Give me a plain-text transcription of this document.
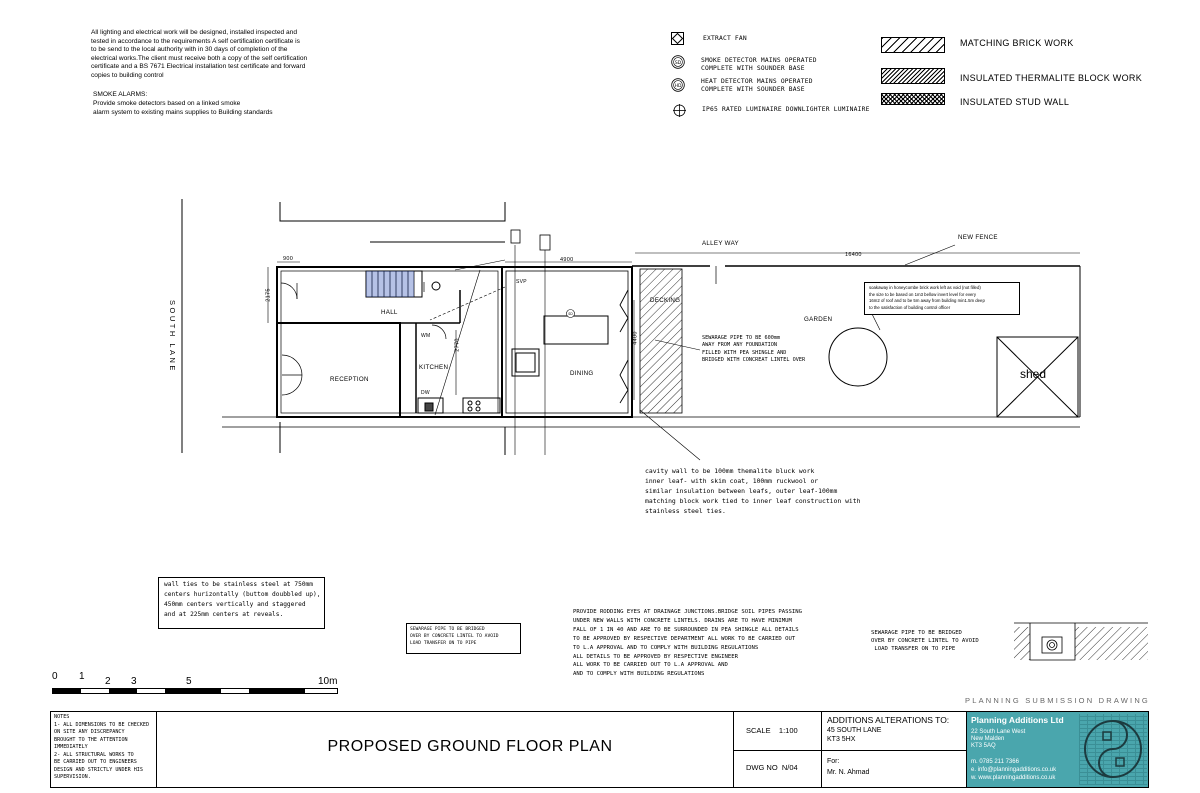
All lighting and electrical work will be designed, installed inspected and
tested in accordance to the requirements A self certification certificate is
to be send to the local authority with in 30 days of completion of the
electrical works.The client must receive both a copy of the self certification
certificate and a BS 7671 Electrical installation test certificate and forward
copies to building control
SMOKE ALARMS:
Provide smoke detectors based on a linked smoke
alarm system to existing mains supplies to Building standards
EXTRACT FAN
SD	SMOKE DETECTOR MAINS OPERATED
COMPLETE WITH SOUNDER BASE
HD
HEAT DETECTOR MAINS OPERATED
COMPLETE WITH SOUNDER BASE
IP65 RATED LUMINAIRE DOWNLIGHTER LUMINAIRE
MATCHING BRICK WORK
INSULATED THERMALITE BLOCK WORK
INSULATED STUD WALL
SOUTH LANE
ALLEY WAY
NEW FENCE
HALL
RECEPTION
KITCHEN
DINING
DECKING
GARDEN
shed
900
2175
4900
16400
2770
4400
SVP
WM
DW
SD
soakaway in honeycombe brick work left as void (not filled)
the size to be based on 1m3 bellow invert level for every
16m2 of roof and to be 5m away from building min1.5m deep
to the satisfaction of building control officer
SEWARAGE PIPE TO BE 600mm
AWAY FROM ANY FOUNDATION
FILLED WITH PEA SHINGLE AND
BRIDGED WITH CONCREAT LINTEL OVER
cavity wall to be 100mm themalite bluck work
inner leaf- with skim coat, 100mm ruckwool or
similar insulation between leafs, outer leaf-100mm
matching block work tied to inner leaf construction with
stainless steel ties.
wall ties to be stainless steel at 750mm
centers hurizontally (buttom doubbled up),
450mm centers vertically and staggered
and at 225mm centers at reveals.
SEWARAGE PIPE TO BE BRIDGED
OVER BY CONCRETE LINTEL TO AVOID
LOAD TRANSFER ON TO PIPE
PROVIDE RODDING EYES AT DRAINAGE JUNCTIONS.BRIDGE SOIL PIPES PASSING
UNDER NEW WALLS WITH CONCRETE LINTELS. DRAINS ARE TO HAVE MINIMUM
FALL OF 1 IN 40 AND ARE TO BE SURROUNDED IN PEA SHINGLE ALL DETAILS
TO BE APPROVED BY RESPECTIVE DEPARTMENT ALL WORK TO BE CARRIED OUT
TO L.A APPROVAL AND TO COMPLY WITH BUILDING REGULATIONS
ALL DETAILS TO BE APPROVED BY RESPECTIVE ENGINEER
ALL WORK TO BE CARRIED OUT TO L.A APPROVAL AND
AND TO COMPLY WITH BUILDING REGULATIONS
SEWARAGE PIPE TO BE BRIDGED
OVER BY CONCRETE LINTEL TO AVOID
LOAD TRANSFER ON TO PIPE
0 1 2 3	5	10m
PLANNING SUBMISSION DRAWING
NOTES
1- ALL DIMENSIONS TO BE CHECKED
ON SITE ANY DISCREPANCY
BROUGHT TO THE ATTENTION
IMMEDIATELY
2- ALL STRUCTURAL WORKS TO
BE CARRIED OUT TO ENGINEERS
DESIGN AND STRICTLY UNDER HIS
SUPERVISION.
PROPOSED GROUND FLOOR PLAN
SCALE    1:100
DWG NO  N/04
ADDITIONS ALTERATIONS TO:
45 SOUTH LANE
KT3 5HX
For:
Mr. N. Ahmad
Planning Additions Ltd
22 South Lane West
New Malden
KT3 5AQ
m. 0785 211 7366
e. info@planningadditions.co.uk
w. www.planningadditions.co.uk
